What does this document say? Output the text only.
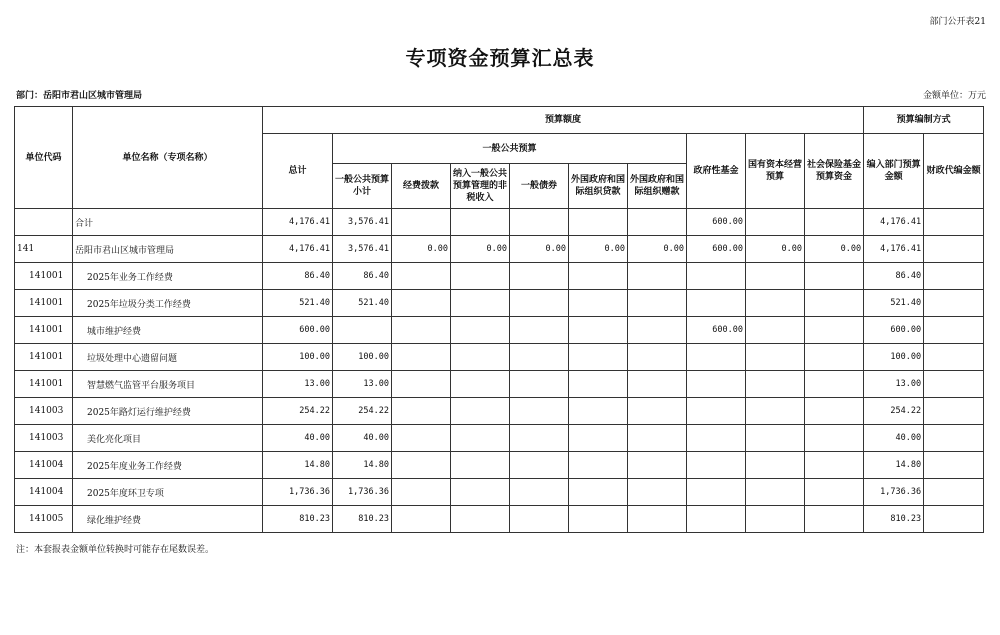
部门公开表21
专项资金预算汇总表
部门：岳阳市君山区城市管理局	金额单位：万元
单位代码	单位名称（专项名称）	预算额度										预算编制方式	
		总计	一般公共预算						政府性基金	国有资本经营预算	社会保险基金预算资金	编入部门预算金额	财政代编金额
			一般公共预算小计	经费拨款	纳入一般公共预算管理的非税收入	一般债券	外国政府和国际组织贷款	外国政府和国际组织赠款					
	合计	4,176.41	3,576.41						600.00			4,176.41	
141	岳阳市君山区城市管理局	4,176.41	3,576.41	0.00	0.00	0.00	0.00	0.00	600.00	0.00	0.00	4,176.41	
141001	2025年业务工作经费	86.40	86.40									86.40	
141001	2025年垃圾分类工作经费	521.40	521.40									521.40	
141001	城市维护经费	600.00							600.00			600.00	
141001	垃圾处理中心遗留问题	100.00	100.00									100.00	
141001	智慧燃气监管平台服务项目	13.00	13.00									13.00	
141003	2025年路灯运行维护经费	254.22	254.22									254.22	
141003	美化亮化项目	40.00	40.00									40.00	
141004	2025年度业务工作经费	14.80	14.80									14.80	
141004	2025年度环卫专项	1,736.36	1,736.36									1,736.36	
141005	绿化维护经费	810.23	810.23									810.23	
注：本套报表金额单位转换时可能存在尾数误差。
